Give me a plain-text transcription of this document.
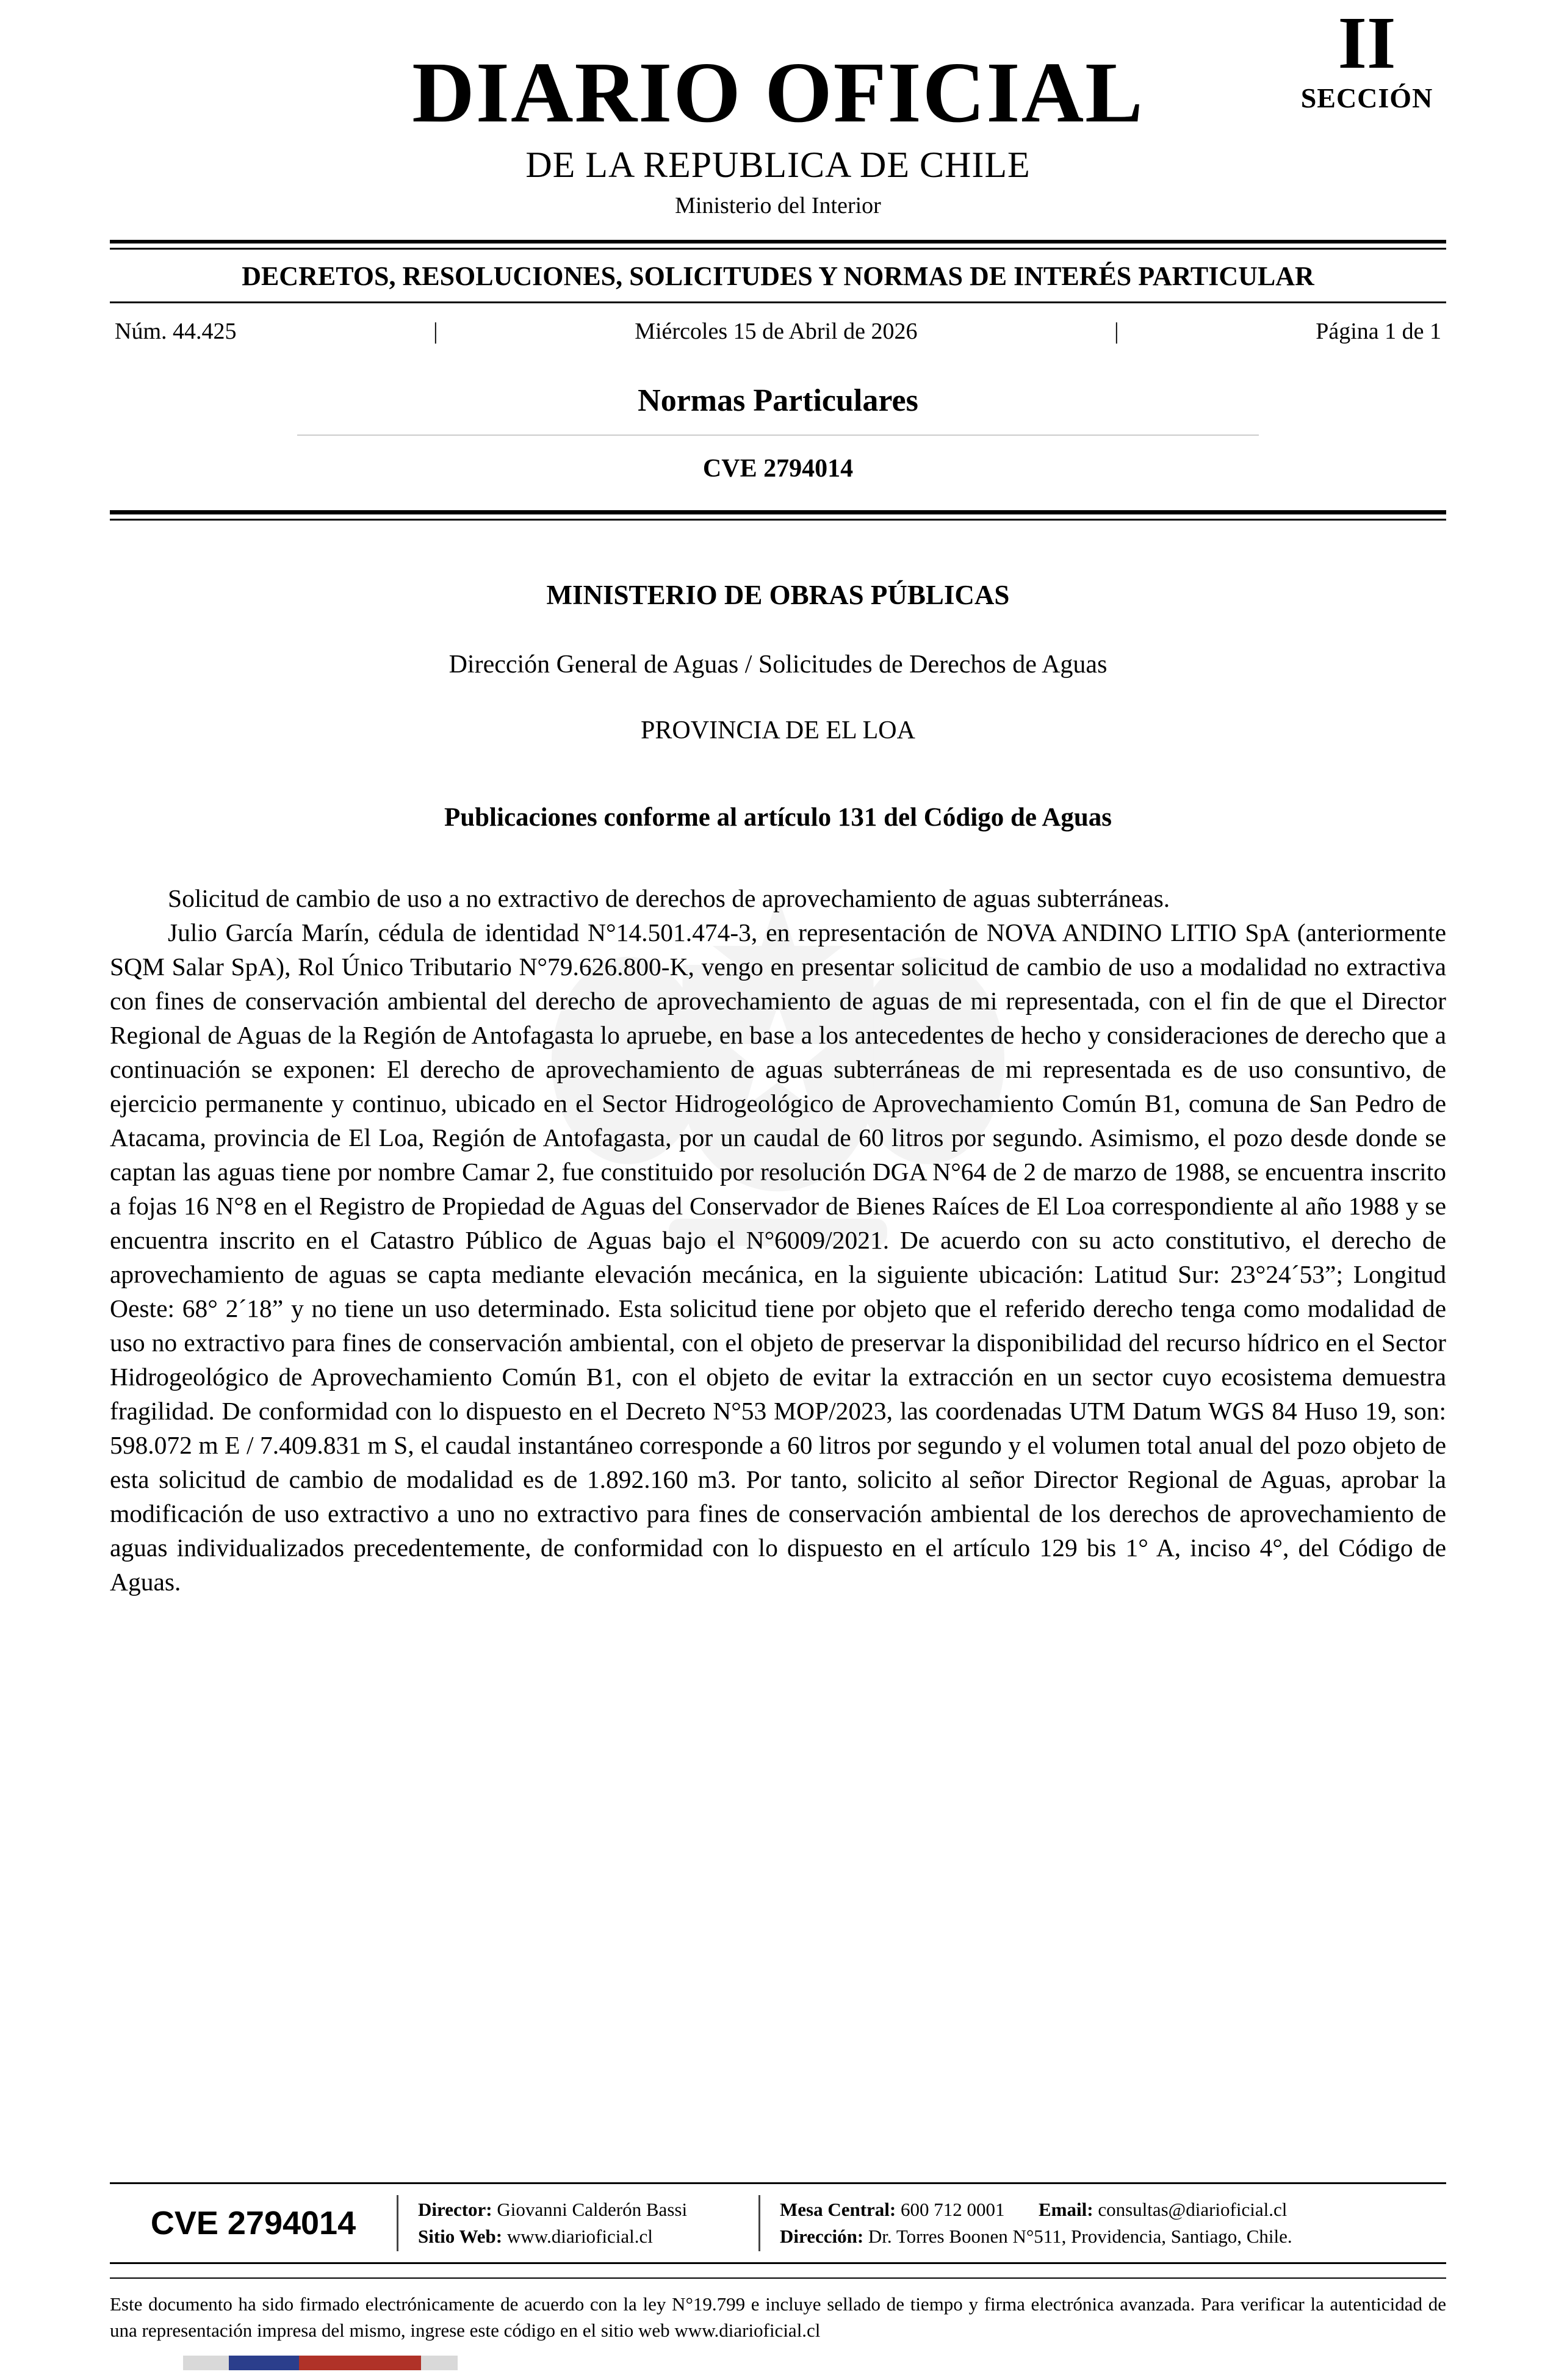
DIARIO OFICIAL
DE LA REPUBLICA DE CHILE
Ministerio del Interior
II
SECCIÓN
DECRETOS, RESOLUCIONES, SOLICITUDES Y NORMAS DE INTERÉS PARTICULAR
Núm. 44.425	|	Miércoles 15 de Abril de 2026	|	Página 1 de 1
Normas Particulares
CVE 2794014
MINISTERIO DE OBRAS PÚBLICAS
Dirección General de Aguas / Solicitudes de Derechos de Aguas
PROVINCIA DE EL LOA
Publicaciones conforme al artículo 131 del Código de Aguas

Solicitud de cambio de uso a no extractivo de derechos de aprovechamiento de aguas subterráneas.

Julio García Marín, cédula de identidad N°14.501.474-3, en representación de NOVA ANDINO LITIO SpA (anteriormente SQM Salar SpA), Rol Único Tributario N°79.626.800-K, vengo en presentar solicitud de cambio de uso a modalidad no extractiva con fines de conservación ambiental del derecho de aprovechamiento de aguas de mi representada, con el fin de que el Director Regional de Aguas de la Región de Antofagasta lo apruebe, en base a los antecedentes de hecho y consideraciones de derecho que a continuación se exponen: El derecho de aprovechamiento de aguas subterráneas de mi representada es de uso consuntivo, de ejercicio permanente y continuo, ubicado en el Sector Hidrogeológico de Aprovechamiento Común B1, comuna de San Pedro de Atacama, provincia de El Loa, Región de Antofagasta, por un caudal de 60 litros por segundo. Asimismo, el pozo desde donde se captan las aguas tiene por nombre Camar 2, fue constituido por resolución DGA N°64 de 2 de marzo de 1988, se encuentra inscrito a fojas 16 N°8 en el Registro de Propiedad de Aguas del Conservador de Bienes Raíces de El Loa correspondiente al año 1988 y se encuentra inscrito en el Catastro Público de Aguas bajo el N°6009/2021. De acuerdo con su acto constitutivo, el derecho de aprovechamiento de aguas se capta mediante elevación mecánica, en la siguiente ubicación: Latitud Sur: 23°24´53”; Longitud Oeste: 68° 2´18” y no tiene un uso determinado. Esta solicitud tiene por objeto que el referido derecho tenga como modalidad de uso no extractivo para fines de conservación ambiental, con el objeto de preservar la disponibilidad del recurso hídrico en el Sector Hidrogeológico de Aprovechamiento Común B1, con el objeto de evitar la extracción en un sector cuyo ecosistema demuestra fragilidad. De conformidad con lo dispuesto en el Decreto N°53 MOP/2023, las coordenadas UTM Datum WGS 84 Huso 19, son: 598.072 m E / 7.409.831 m S, el caudal instantáneo corresponde a 60 litros por segundo y el volumen total anual del pozo objeto de esta solicitud de cambio de modalidad es de 1.892.160 m3. Por tanto, solicito al señor Director Regional de Aguas, aprobar la modificación de uso extractivo a uno no extractivo para fines de conservación ambiental de los derechos de aprovechamiento de aguas individualizados precedentemente, de conformidad con lo dispuesto en el artículo 129 bis 1° A, inciso 4°, del Código de Aguas.

CVE 2794014	Director: Giovanni Calderón Bassi
Sitio Web: www.diarioficial.cl
Mesa Central: 600 712 0001 Email: consultas@diarioficial.cl
Dirección: Dr. Torres Boonen N°511, Providencia, Santiago, Chile.
Este documento ha sido firmado electrónicamente de acuerdo con la ley N°19.799 e incluye sellado de tiempo y firma electrónica avanzada. Para verificar la autenticidad de una representación impresa del mismo, ingrese este código en el sitio web www.diarioficial.cl
